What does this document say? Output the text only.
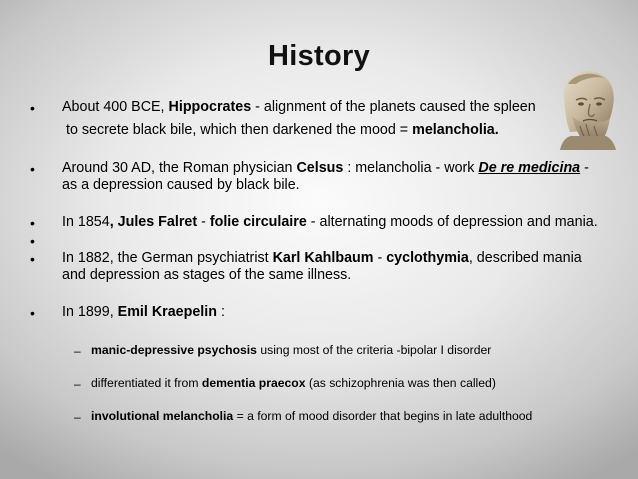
History
• About 400 BCE, Hippocrates - alignment of the planets caused the spleen
to secrete black bile, which then darkened the mood = melancholia.
• Around 30 AD, the Roman physician Celsus : melancholia - work De re medicina -
as a depression caused by black bile.
• In 1854, Jules Falret - folie circulaire - alternating moods of depression and mania.
•
• In 1882, the German psychiatrist Karl Kahlbaum - cyclothymia, described mania
and depression as stages of the same illness.
• In 1899, Emil Kraepelin :
– manic-depressive psychosis using most of the criteria -bipolar I disorder
– differentiated it from dementia praecox (as schizophrenia was then called)
– involutional melancholia = a form of mood disorder that begins in late adulthood
